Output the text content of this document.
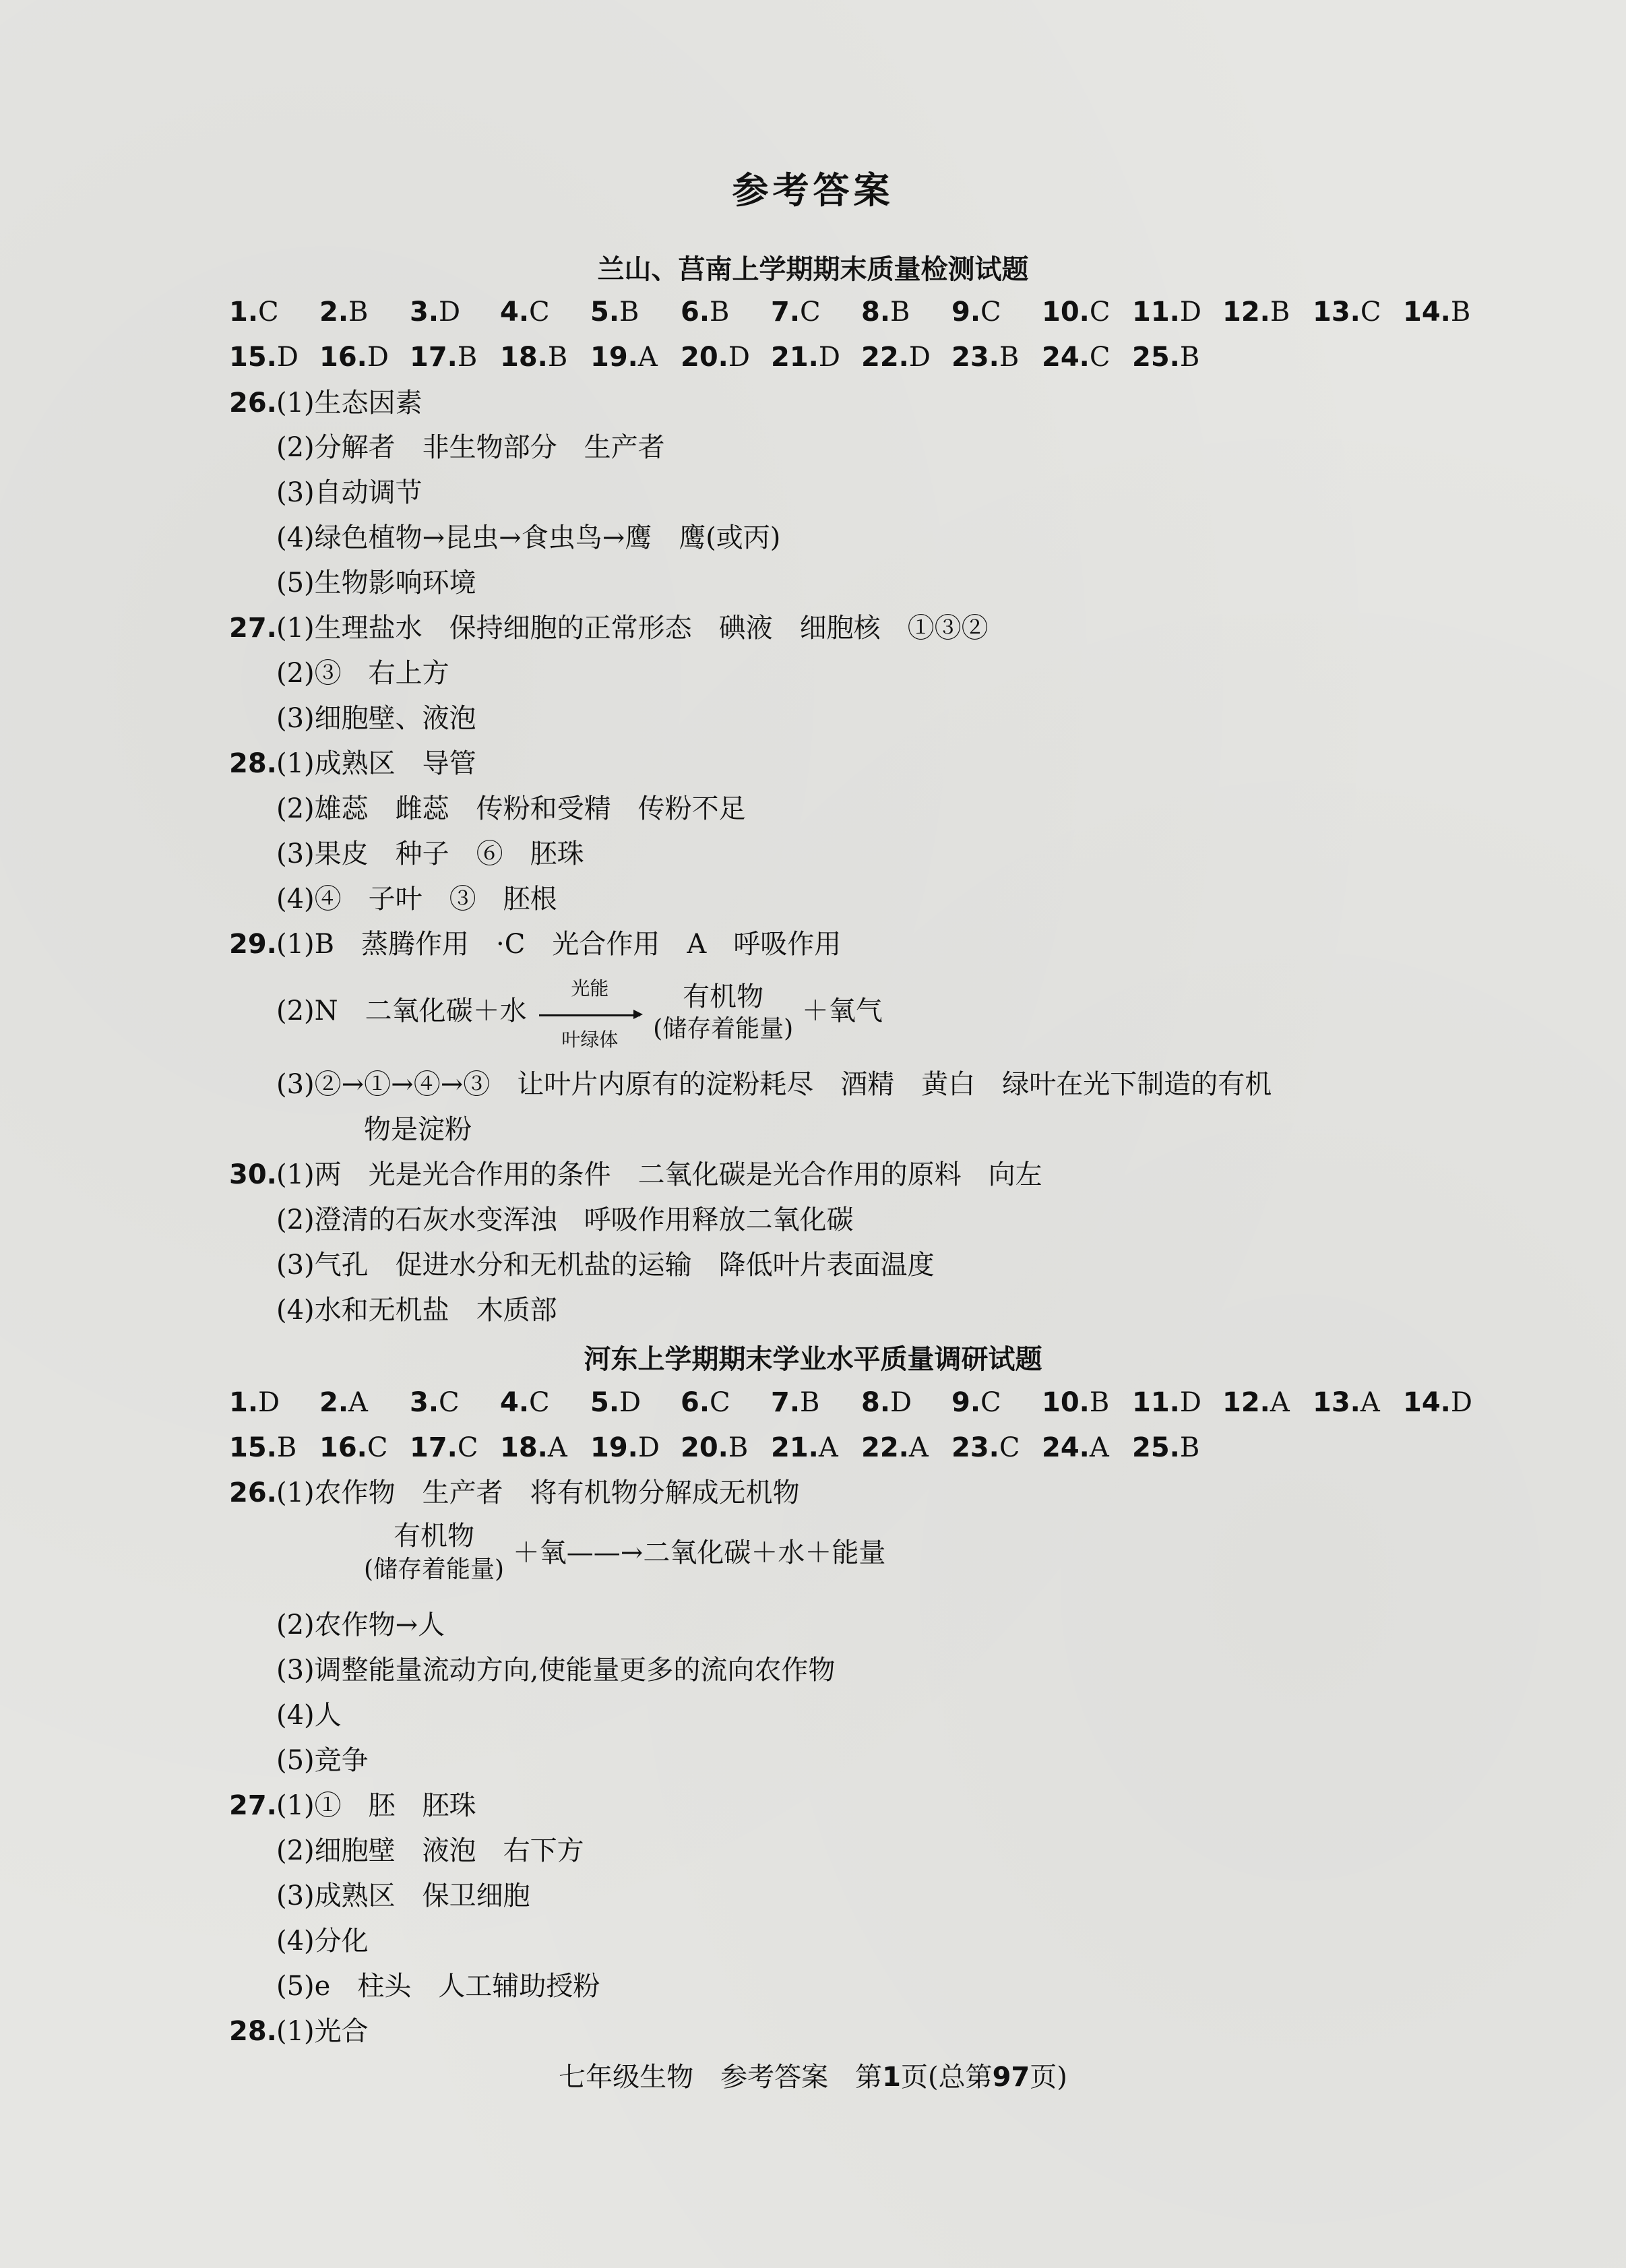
参考答案
兰山、莒南上学期期末质量检测试题
1.C 2.B 3.D 4.C 5.B 6.B 7.C 8.B 9.C 10.C 11.D 12.B 13.C 14.B
15.D 16.D 17.B 18.B 19.A 20.D 21.D 22.D 23.B 24.C 25.B
26.(1)生态因素
(2)分解者　非生物部分　生产者
(3)自动调节
(4)绿色植物→昆虫→食虫鸟→鹰　鹰(或丙)
(5)生物影响环境
27.(1)生理盐水　保持细胞的正常形态　碘液　细胞核　①③②
(2)③　右上方
(3)细胞壁、液泡
28.(1)成熟区　导管
(2)雄蕊　雌蕊　传粉和受精　传粉不足
(3)果皮　种子　⑥　胚珠
(4)④　子叶　③　胚根
29.(1)B　蒸腾作用　·C　光合作用　A　呼吸作用
(2)N　二氧化碳＋水 光能

叶绿体 有机物
(储存着能量) ＋氧气
(3)②→①→④→③　让叶片内原有的淀粉耗尽　酒精　黄白　绿叶在光下制造的有机
物是淀粉
30.(1)两　光是光合作用的条件　二氧化碳是光合作用的原料　向左
(2)澄清的石灰水变浑浊　呼吸作用释放二氧化碳
(3)气孔　促进水分和无机盐的运输　降低叶片表面温度
(4)水和无机盐　木质部
河东上学期期末学业水平质量调研试题
1.D 2.A 3.C 4.C 5.D 6.C 7.B 8.D 9.C 10.B 11.D 12.A 13.A 14.D
15.B 16.C 17.C 18.A 19.D 20.B 21.A 22.A 23.C 24.A 25.B
26.(1)农作物　生产者　将有机物分解成无机物
有机物
(储存着能量) ＋氧——→二氧化碳＋水＋能量
(2)农作物→人
(3)调整能量流动方向,使能量更多的流向农作物
(4)人
(5)竞争
27.(1)①　胚　胚珠
(2)细胞壁　液泡　右下方
(3)成熟区　保卫细胞
(4)分化
(5)e　柱头　人工辅助授粉
28.(1)光合
七年级生物　参考答案　第1页(总第97页)
